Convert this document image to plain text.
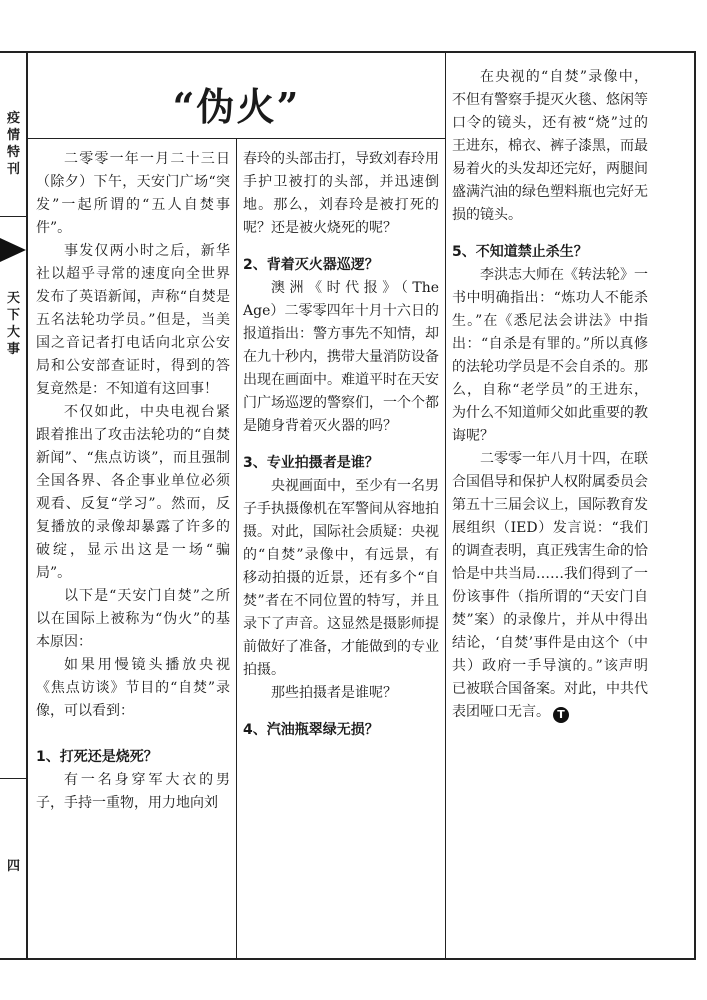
疫情特刊
天下大事
四
“伪火”

二零零一年一月二十三日（除夕）下午，天安门广场“突发”一起所谓的“五人自焚事件”。

事发仅两小时之后，新华社以超乎寻常的速度向全世界发布了英语新闻，声称“自焚是五名法轮功学员。”但是，当美国之音记者打电话向北京公安局和公安部查证时，得到的答复竟然是：不知道有这回事！

不仅如此，中央电视台紧跟着推出了攻击法轮功的“自焚新闻”、“焦点访谈”，而且强制全国各界、各企事业单位必须观看、反复“学习”。然而，反复播放的录像却暴露了许多的破绽，显示出这是一场“骗局”。

以下是“天安门自焚”之所以在国际上被称为“伪火”的基本原因：

如果用慢镜头播放央视《焦点访谈》节目的“自焚”录像，可以看到：

1、打死还是烧死？

有一名身穿军大衣的男子，手持一重物，用力地向刘

春玲的头部击打，导致刘春玲用手护卫被打的头部，并迅速倒地。那么，刘春玲是被打死的呢？还是被火烧死的呢？

2、背着灭火器巡逻？

澳洲《时代报》（The Age）二零零四年十月十六日的报道指出：警方事先不知情，却在九十秒内，携带大量消防设备出现在画面中。难道平时在天安门广场巡逻的警察们，一个个都是随身背着灭火器的吗？

3、专业拍摄者是谁？

央视画面中，至少有一名男子手执摄像机在军警间从容地拍摄。对此，国际社会质疑：央视的“自焚”录像中，有远景，有移动拍摄的近景，还有多个“自焚”者在不同位置的特写，并且录下了声音。这显然是摄影师提前做好了准备，才能做到的专业拍摄。

那些拍摄者是谁呢？

4、汽油瓶翠绿无损？

在央视的“自焚”录像中，不但有警察手提灭火毯、悠闲等口令的镜头，还有被“烧”过的王进东，棉衣、裤子漆黑，而最易着火的头发却还完好，两腿间盛满汽油的绿色塑料瓶也完好无损的镜头。

5、不知道禁止杀生？

李洪志大师在《转法轮》一书中明确指出：“炼功人不能杀生。”在《悉尼法会讲法》中指出：“自杀是有罪的。”所以真修的法轮功学员是不会自杀的。那么，自称“老学员”的王进东，为什么不知道师父如此重要的教诲呢？

二零零一年八月十四，在联合国倡导和保护人权附属委员会第五十三届会议上，国际教育发展组织（IED）发言说：“我们的调查表明，真正残害生命的恰恰是中共当局……我们得到了一份该事件（指所谓的“天安门自焚”案）的录像片，并从中得出结论，‘自焚’事件是由这个（中共）政府一手导演的。”该声明已被联合国备案。对此，中共代表团哑口无言。 T
